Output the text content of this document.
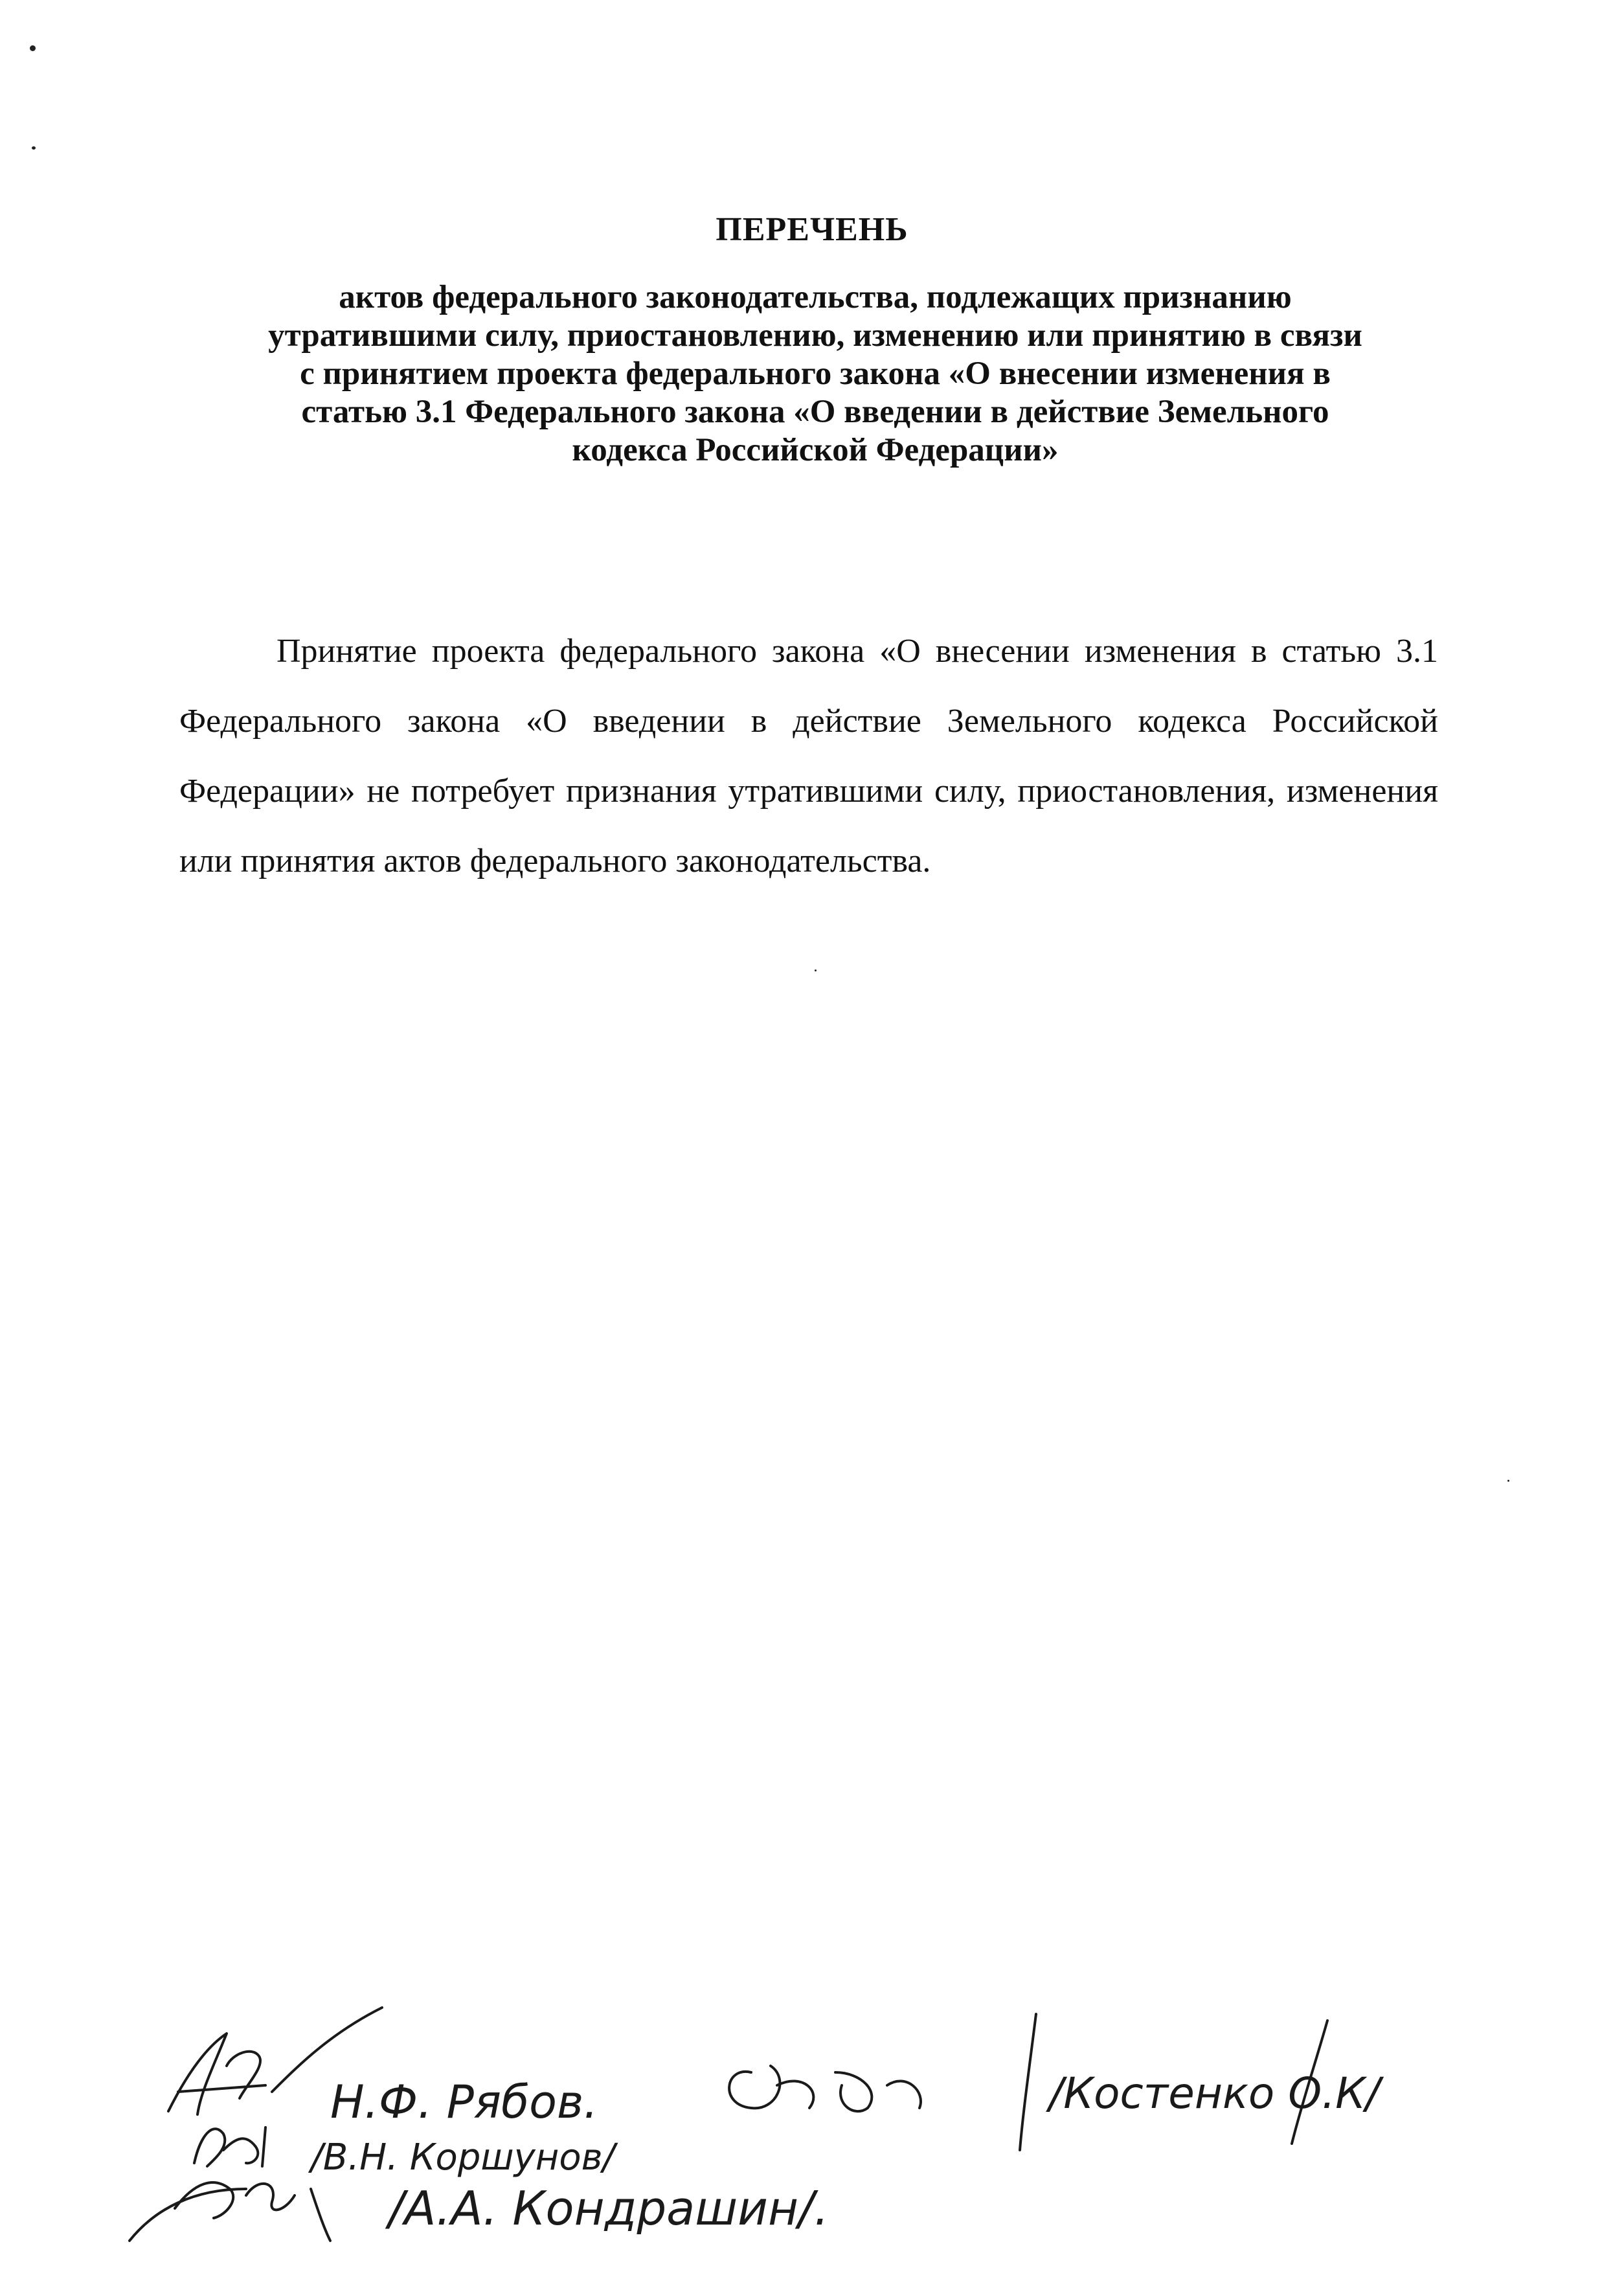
ПЕРЕЧЕНЬ
актов федерального законодательства, подлежащих признанию
утратившими силу, приостановлению, изменению или принятию в связи
с принятием проекта федерального закона «О внесении изменения в
статью 3.1 Федерального закона «О введении в действие Земельного
кодекса Российской Федерации»

Принятие проекта федерального закона «О внесении изменения в статью 3.1 Федерального закона «О введении в действие Земельного кодекса Российской Федерации» не потребует признания утратившими силу, приостановления, изменения или принятия актов федерального законодательства.

Н.Ф. Рябов.
/В.Н. Коршунов/
/А.А. Кондрашин/.
/Костенко О.К/
